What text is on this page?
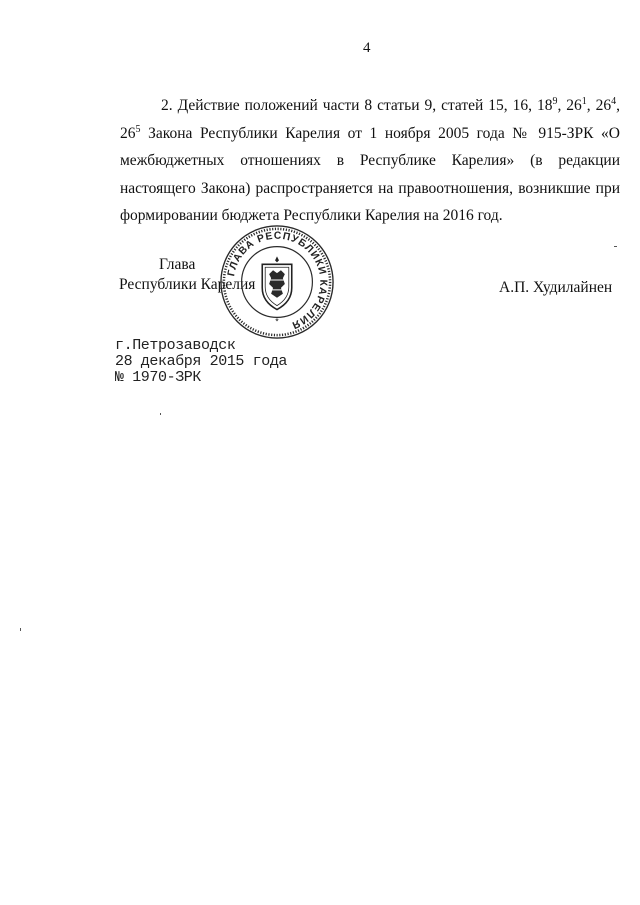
4
2. Действие положений части 8 статьи 9, статей 15, 16, $18^9$, $26^1$, $26^4$, $26^5$ Закона Республики Карелия от 1 ноября 2005 года № 915-ЗРК «О межбюджетных отношениях в Республике Карелия» (в редакции настоящего Закона) распространяется на правоотношения, возникшие при формировании бюджета Республики Карелия на 2016 год.
Глава
Республики Карелия	А.П. Худилайнен
ГЛАВА РЕСПУБЛИКИ КАРЕЛИЯ
*
г.Петрозаводск
28 декабря 2015 года
№ 1970-ЗРК
